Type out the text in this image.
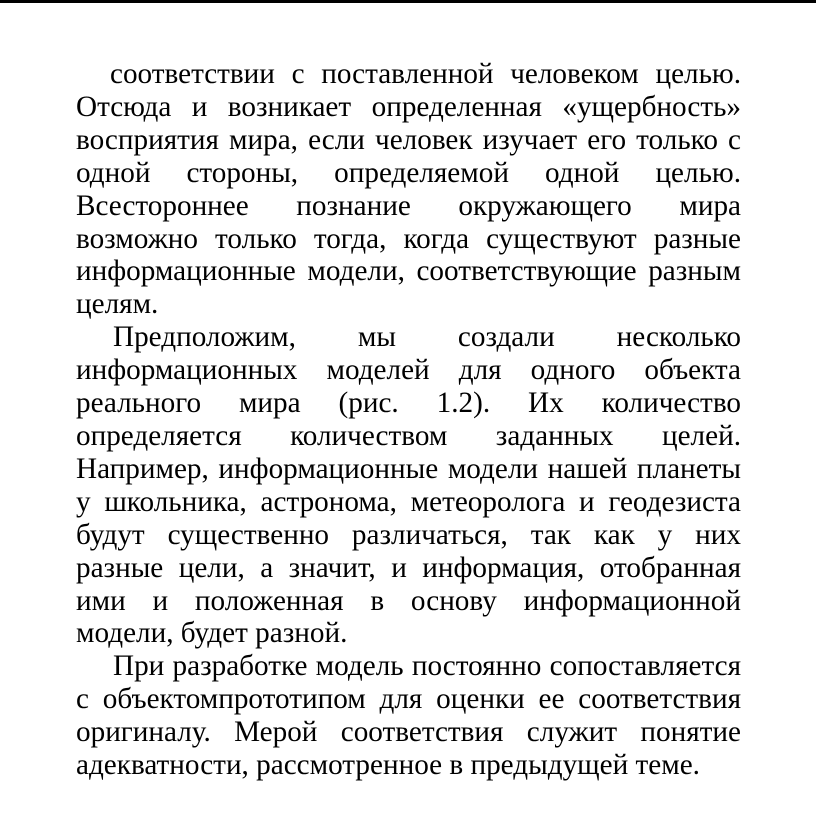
соответствии с поставленной человеком целью. Отсюда и возникает определенная «ущербность» восприятия мира, если человек изучает его только с одной стороны, определяемой одной целью. Всестороннее познание окружающего мира возможно только тогда, когда существуют разные информационные модели, соответствующие разным целям.

Предположим, мы создали несколько информационных моделей для одного объекта реального мира (рис. 1.2). Их количество определяется количеством заданных целей. Например, информационные модели нашей планеты у школьника, астронома, метеоролога и геодезиста будут существенно различаться, так как у них разные цели, а значит, и информация, отобранная ими и положенная в основу информационной модели, будет разной.

При разработке модель постоянно сопоставляется с объектомпрототипом для оценки ее соответствия оригиналу. Мерой соответствия служит понятие адекватности, рассмотренное в предыдущей теме.
